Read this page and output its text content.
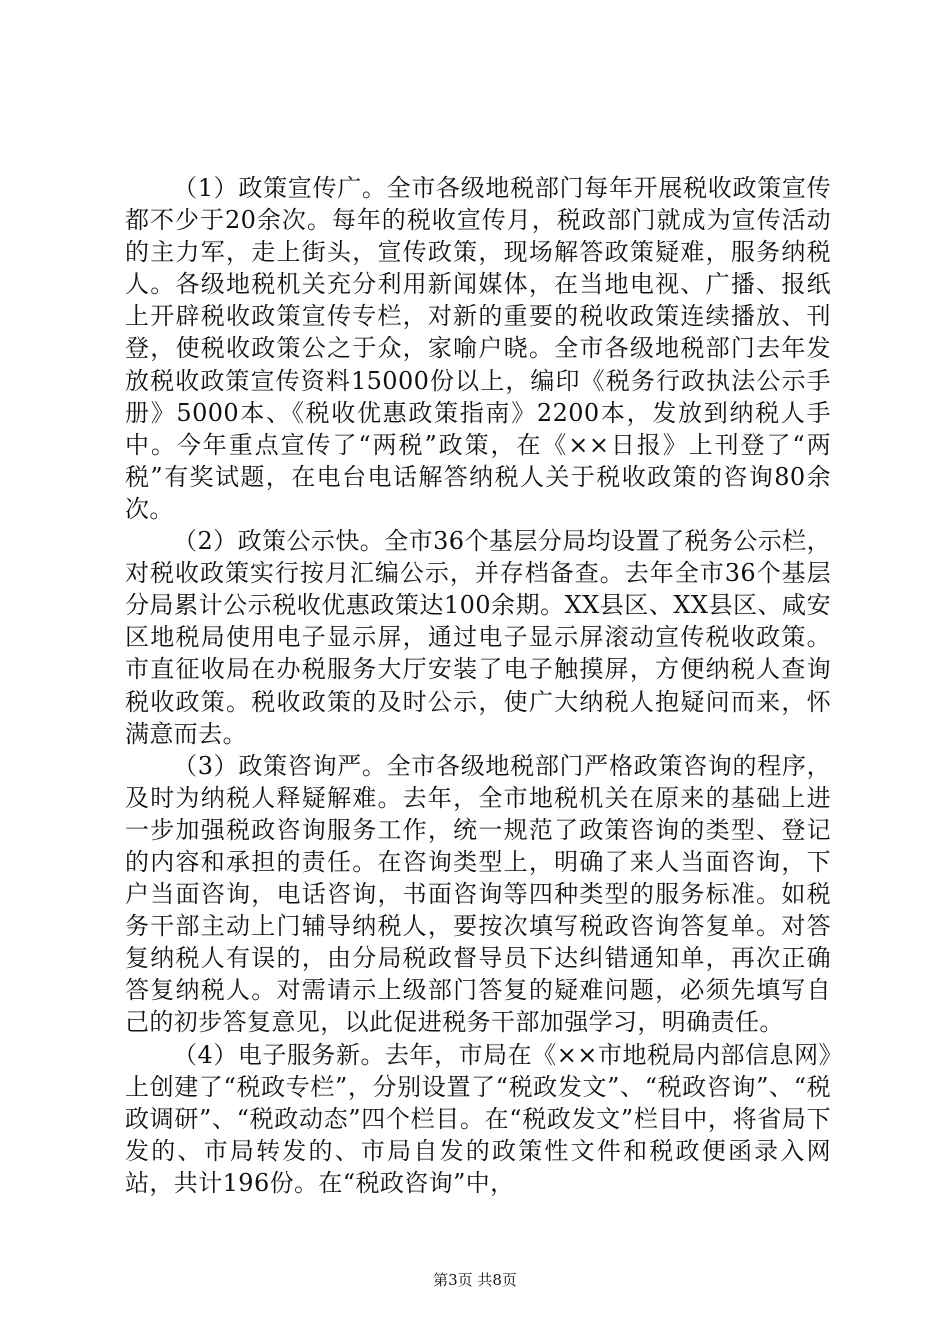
（1）政策宣传广。全市各级地税部门每年开展税收政策宣传都不少于20余次。每年的税收宣传月，税政部门就成为宣传活动的主力军，走上街头，宣传政策，现场解答政策疑难，服务纳税人。各级地税机关充分利用新闻媒体，在当地电视、广播、报纸上开辟税收政策宣传专栏，对新的重要的税收政策连续播放、刊登，使税收政策公之于众，家喻户晓。全市各级地税部门去年发放税收政策宣传资料15000份以上，编印《税务行政执法公示手册》5000本、《税收优惠政策指南》2200本，发放到纳税人手中。今年重点宣传了“两税”政策，在《××日报》上刊登了“两税”有奖试题，在电台电话解答纳税人关于税收政策的咨询80余次。

（2）政策公示快。全市36个基层分局均设置了税务公示栏，对税收政策实行按月汇编公示，并存档备查。去年全市36个基层分局累计公示税收优惠政策达100余期。XX县区、XX县区、咸安区地税局使用电子显示屏，通过电子显示屏滚动宣传税收政策。市直征收局在办税服务大厅安装了电子触摸屏，方便纳税人查询税收政策。税收政策的及时公示，使广大纳税人抱疑问而来，怀满意而去。

（3）政策咨询严。全市各级地税部门严格政策咨询的程序，及时为纳税人释疑解难。去年，全市地税机关在原来的基础上进一步加强税政咨询服务工作，统一规范了政策咨询的类型、登记的内容和承担的责任。在咨询类型上，明确了来人当面咨询，下户当面咨询，电话咨询，书面咨询等四种类型的服务标准。如税务干部主动上门辅导纳税人，要按次填写税政咨询答复单。对答复纳税人有误的，由分局税政督导员下达纠错通知单，再次正确答复纳税人。对需请示上级部门答复的疑难问题，必须先填写自己的初步答复意见，以此促进税务干部加强学习，明确责任。

（4）电子服务新。去年，市局在《××市地税局内部信息网》上创建了“税政专栏”，分别设置了“税政发文”、“税政咨询”、“税政调研”、“税政动态”四个栏目。在“税政发文”栏目中，将省局下发的、市局转发的、市局自发的政策性文件和税政便函录入网站，共计196份。在“税政咨询”中，

第3页 共8页
